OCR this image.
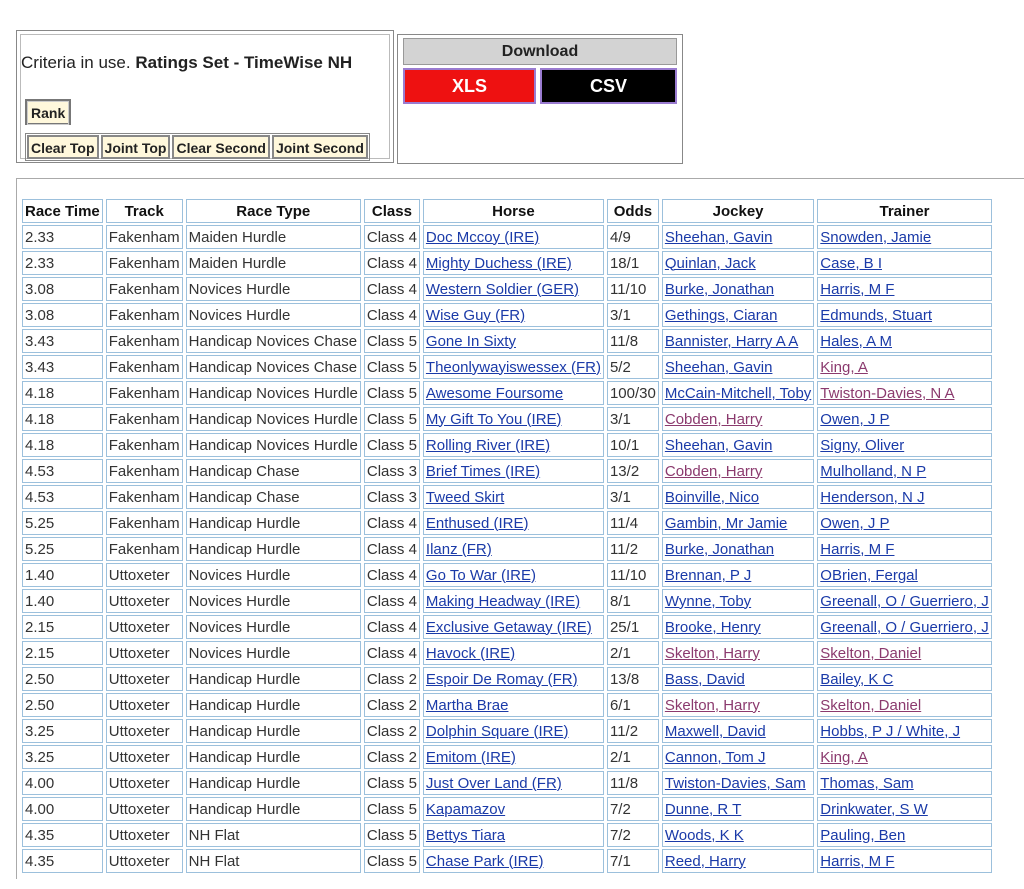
Criteria in use. Ratings Set - TimeWise NH
Rank
Clear Top Joint Top Clear Second Joint Second
Download
XLS	CSV
Race Time	Track	Race Type	Class	Horse	Odds	Jockey	Trainer
2.33	Fakenham	Maiden Hurdle	Class 4	Doc Mccoy (IRE)	4/9	Sheehan, Gavin	Snowden, Jamie
2.33	Fakenham	Maiden Hurdle	Class 4	Mighty Duchess (IRE)	18/1	Quinlan, Jack	Case, B I
3.08	Fakenham	Novices Hurdle	Class 4	Western Soldier (GER)	11/10	Burke, Jonathan	Harris, M F
3.08	Fakenham	Novices Hurdle	Class 4	Wise Guy (FR)	3/1	Gethings, Ciaran	Edmunds, Stuart
3.43	Fakenham	Handicap Novices Chase	Class 5	Gone In Sixty	11/8	Bannister, Harry A A	Hales, A M
3.43	Fakenham	Handicap Novices Chase	Class 5	Theonlywayiswessex (FR)	5/2	Sheehan, Gavin	King, A
4.18	Fakenham	Handicap Novices Hurdle	Class 5	Awesome Foursome	100/30	McCain-Mitchell, Toby	Twiston-Davies, N A
4.18	Fakenham	Handicap Novices Hurdle	Class 5	My Gift To You (IRE)	3/1	Cobden, Harry	Owen, J P
4.18	Fakenham	Handicap Novices Hurdle	Class 5	Rolling River (IRE)	10/1	Sheehan, Gavin	Signy, Oliver
4.53	Fakenham	Handicap Chase	Class 3	Brief Times (IRE)	13/2	Cobden, Harry	Mulholland, N P
4.53	Fakenham	Handicap Chase	Class 3	Tweed Skirt	3/1	Boinville, Nico	Henderson, N J
5.25	Fakenham	Handicap Hurdle	Class 4	Enthused (IRE)	11/4	Gambin, Mr Jamie	Owen, J P
5.25	Fakenham	Handicap Hurdle	Class 4	Ilanz (FR)	11/2	Burke, Jonathan	Harris, M F
1.40	Uttoxeter	Novices Hurdle	Class 4	Go To War (IRE)	11/10	Brennan, P J	OBrien, Fergal
1.40	Uttoxeter	Novices Hurdle	Class 4	Making Headway (IRE)	8/1	Wynne, Toby	Greenall, O / Guerriero, J
2.15	Uttoxeter	Novices Hurdle	Class 4	Exclusive Getaway (IRE)	25/1	Brooke, Henry	Greenall, O / Guerriero, J
2.15	Uttoxeter	Novices Hurdle	Class 4	Havock (IRE)	2/1	Skelton, Harry	Skelton, Daniel
2.50	Uttoxeter	Handicap Hurdle	Class 2	Espoir De Romay (FR)	13/8	Bass, David	Bailey, K C
2.50	Uttoxeter	Handicap Hurdle	Class 2	Martha Brae	6/1	Skelton, Harry	Skelton, Daniel
3.25	Uttoxeter	Handicap Hurdle	Class 2	Dolphin Square (IRE)	11/2	Maxwell, David	Hobbs, P J / White, J
3.25	Uttoxeter	Handicap Hurdle	Class 2	Emitom (IRE)	2/1	Cannon, Tom J	King, A
4.00	Uttoxeter	Handicap Hurdle	Class 5	Just Over Land (FR)	11/8	Twiston-Davies, Sam	Thomas, Sam
4.00	Uttoxeter	Handicap Hurdle	Class 5	Kapamazov	7/2	Dunne, R T	Drinkwater, S W
4.35	Uttoxeter	NH Flat	Class 5	Bettys Tiara	7/2	Woods, K K	Pauling, Ben
4.35	Uttoxeter	NH Flat	Class 5	Chase Park (IRE)	7/1	Reed, Harry	Harris, M F
